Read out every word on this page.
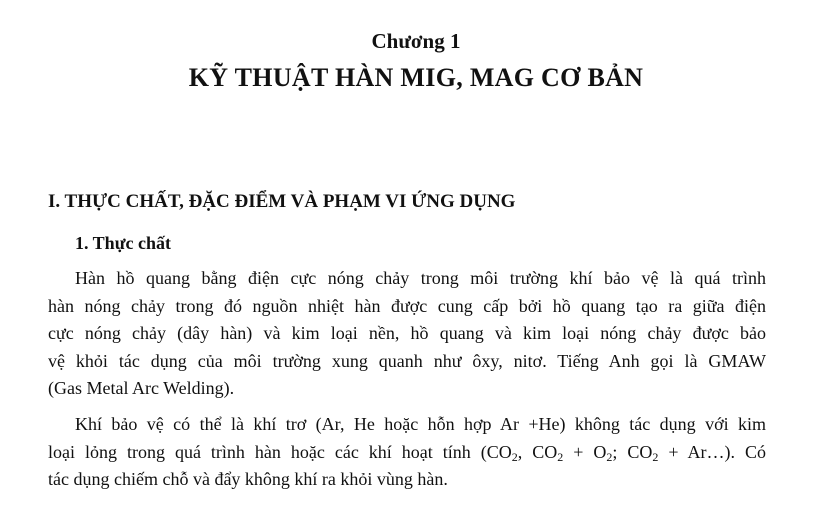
Chương 1
KỸ THUẬT HÀN MIG, MAG CƠ BẢN
I. THỰC CHẤT, ĐẶC ĐIỂM VÀ PHẠM VI ỨNG DỤNG
1. Thực chất
Hàn hồ quang bằng điện cực nóng chảy trong môi trường khí bảo vệ là quá trình
hàn nóng chảy trong đó nguồn nhiệt hàn được cung cấp bởi hồ quang tạo ra giữa điện
cực nóng chảy (dây hàn) và kim loại nền, hồ quang và kim loại nóng chảy được bảo
vệ khỏi tác dụng của môi trường xung quanh như ôxy, nitơ. Tiếng Anh gọi là GMAW
(Gas Metal Arc Welding).
Khí bảo vệ có thể là khí trơ (Ar, He hoặc hỗn hợp Ar +He) không tác dụng với kim
loại lỏng trong quá trình hàn hoặc các khí hoạt tính ($CO_2$, $CO_2 + O_2$; $CO_2$ + Ar…). Có
tác dụng chiếm chỗ và đẩy không khí ra khỏi vùng hàn.
